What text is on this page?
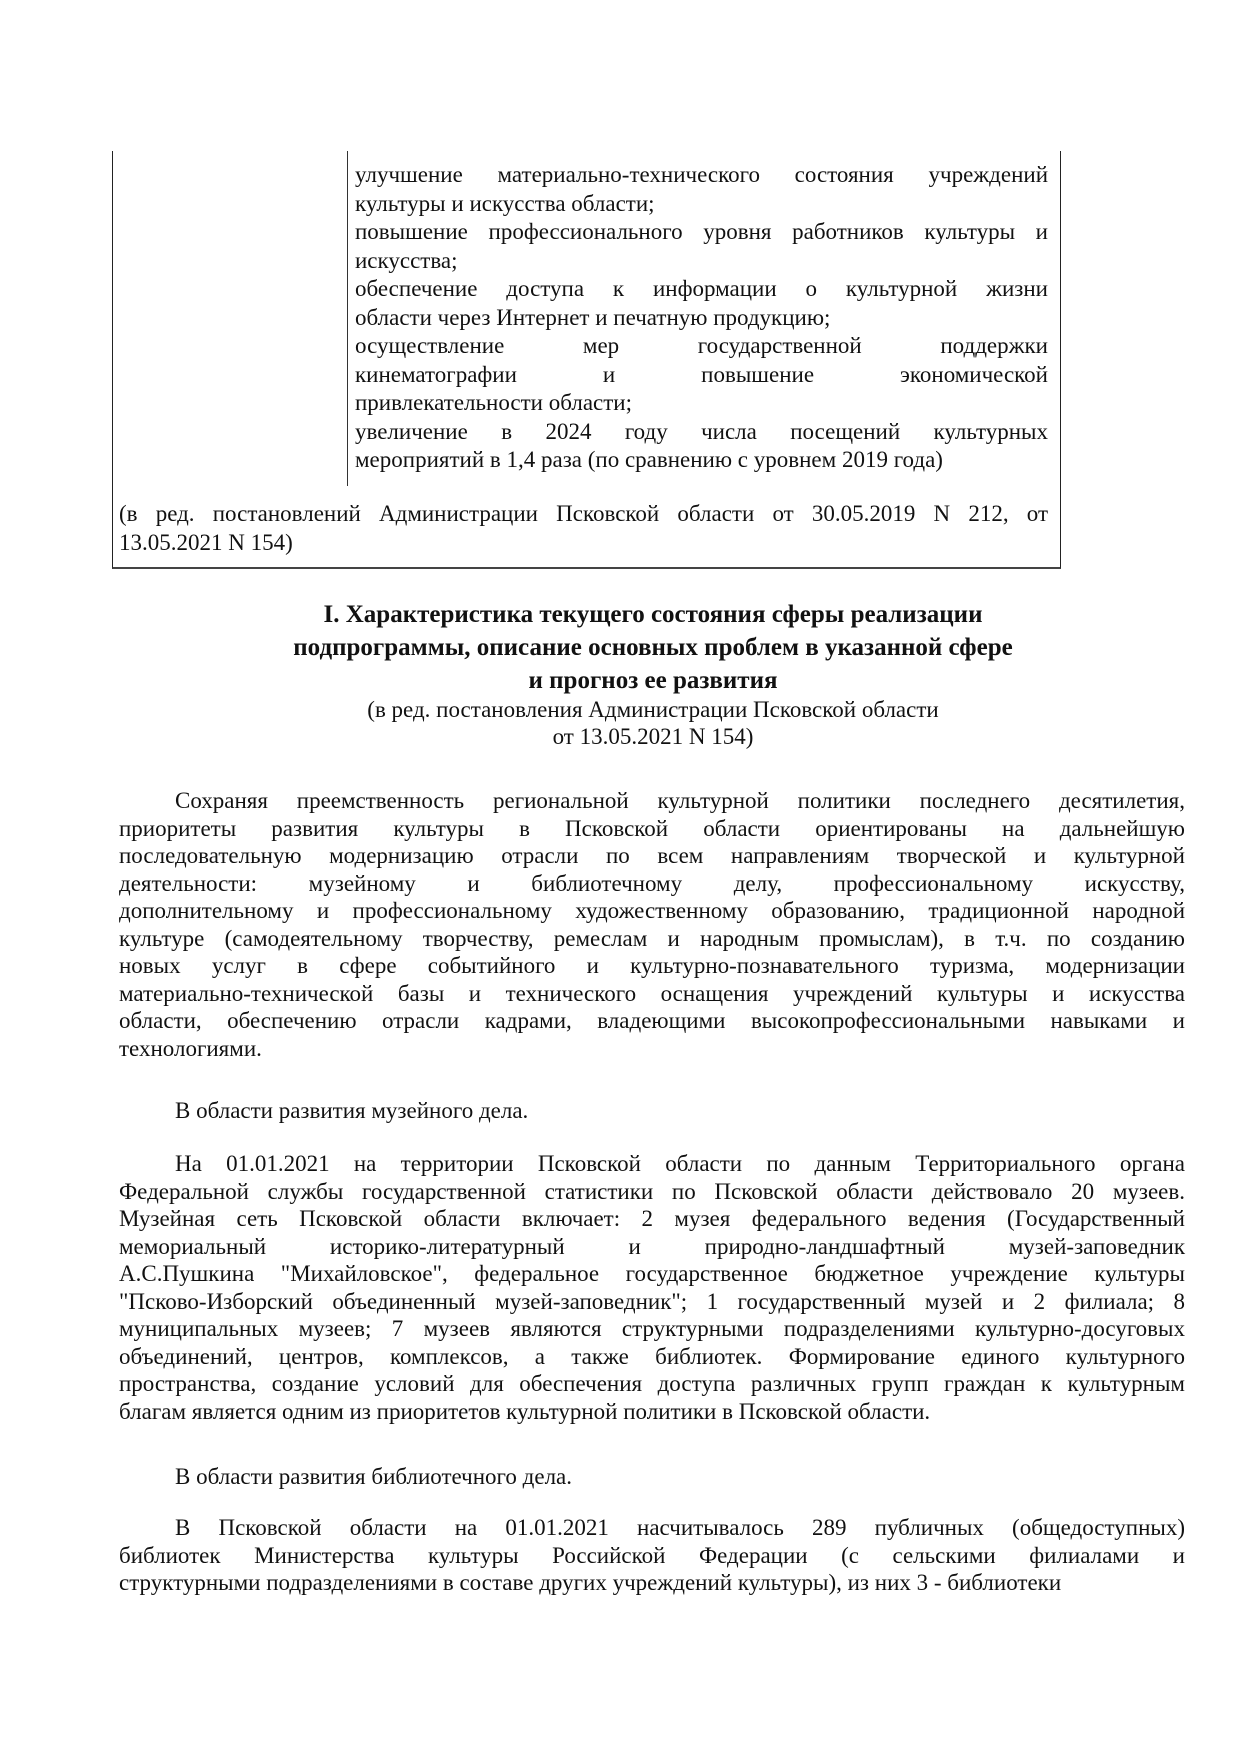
улучшение материально-технического состояния учреждений
культуры и искусства области;
повышение профессионального уровня работников культуры и
искусства;
обеспечение доступа к информации о культурной жизни
области через Интернет и печатную продукцию;
осуществление мер государственной поддержки
кинематографии и повышение экономической
привлекательности области;
увеличение в 2024 году числа посещений культурных
мероприятий в 1,4 раза (по сравнению с уровнем 2019 года)
(в ред. постановлений Администрации Псковской области от 30.05.2019 N 212, от
13.05.2021 N 154)
I. Характеристика текущего состояния сферы реализации
подпрограммы, описание основных проблем в указанной сфере
и прогноз ее развития
(в ред. постановления Администрации Псковской области
от 13.05.2021 N 154)
Сохраняя преемственность региональной культурной политики последнего десятилетия,
приоритеты развития культуры в Псковской области ориентированы на дальнейшую
последовательную модернизацию отрасли по всем направлениям творческой и культурной
деятельности: музейному и библиотечному делу, профессиональному искусству,
дополнительному и профессиональному художественному образованию, традиционной народной
культуре (самодеятельному творчеству, ремеслам и народным промыслам), в т.ч. по созданию
новых услуг в сфере событийного и культурно-познавательного туризма, модернизации
материально-технической базы и технического оснащения учреждений культуры и искусства
области, обеспечению отрасли кадрами, владеющими высокопрофессиональными навыками и
технологиями.
В области развития музейного дела.
На 01.01.2021 на территории Псковской области по данным Территориального органа
Федеральной службы государственной статистики по Псковской области действовало 20 музеев.
Музейная сеть Псковской области включает: 2 музея федерального ведения (Государственный
мемориальный историко-литературный и природно-ландшафтный музей-заповедник
А.С.Пушкина "Михайловское", федеральное государственное бюджетное учреждение культуры
"Псково-Изборский объединенный музей-заповедник"; 1 государственный музей и 2 филиала; 8
муниципальных музеев; 7 музеев являются структурными подразделениями культурно-досуговых
объединений, центров, комплексов, а также библиотек. Формирование единого культурного
пространства, создание условий для обеспечения доступа различных групп граждан к культурным
благам является одним из приоритетов культурной политики в Псковской области.
В области развития библиотечного дела.
В Псковской области на 01.01.2021 насчитывалось 289 публичных (общедоступных)
библиотек Министерства культуры Российской Федерации (с сельскими филиалами и
структурными подразделениями в составе других учреждений культуры), из них 3 - библиотеки
